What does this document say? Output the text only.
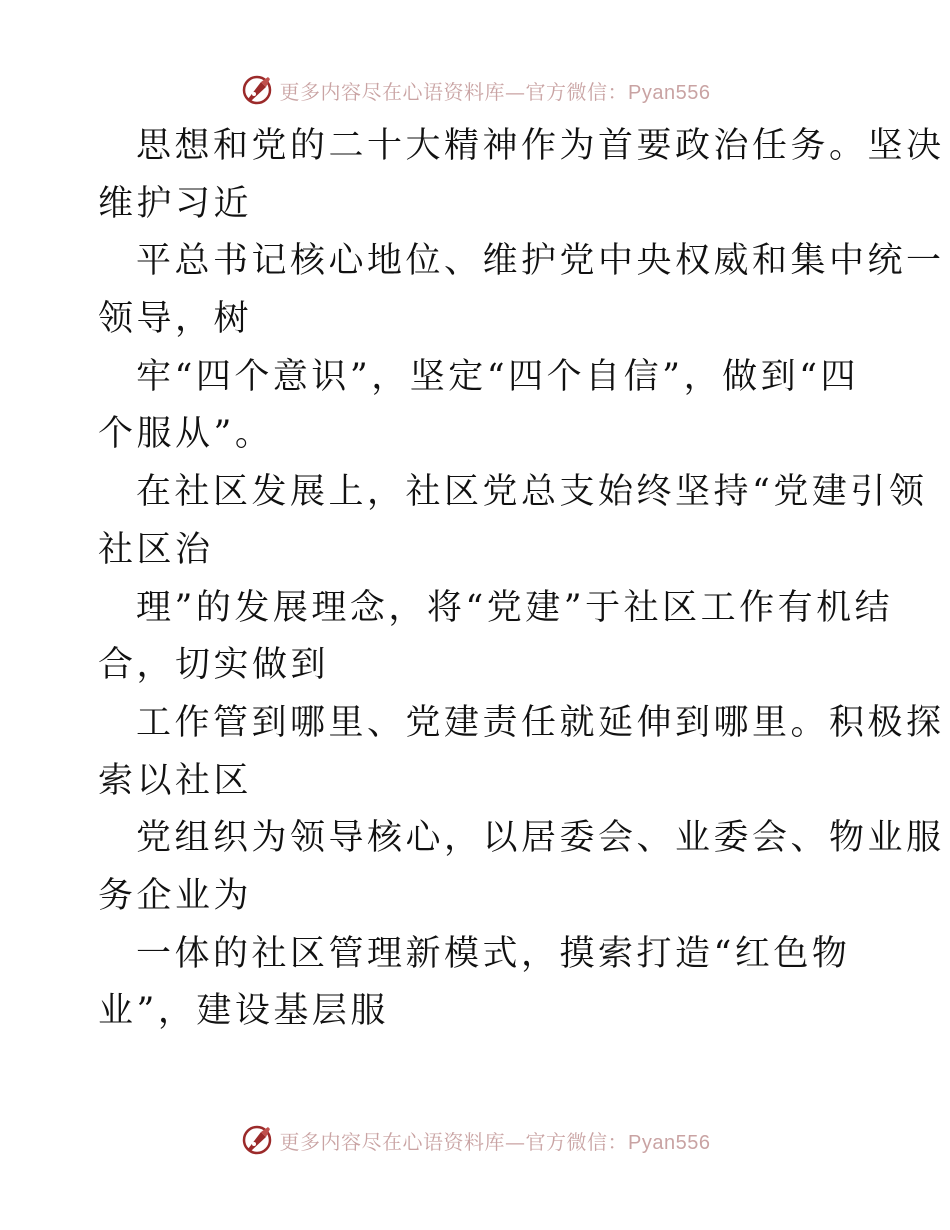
更多内容尽在心语资料库—官方微信：Pyan556
思想和党的二十大精神作为首要政治任务。坚决
维护习近
平总书记核心地位、维护党中央权威和集中统一
领导，树
牢“四个意识”，坚定“四个自信”，做到“四
个服从”。
在社区发展上，社区党总支始终坚持“党建引领
社区治
理”的发展理念，将“党建”于社区工作有机结
合，切实做到
工作管到哪里、党建责任就延伸到哪里。积极探
索以社区
党组织为领导核心，以居委会、业委会、物业服
务企业为
一体的社区管理新模式，摸索打造“红色物
业”，建设基层服
更多内容尽在心语资料库—官方微信：Pyan556
